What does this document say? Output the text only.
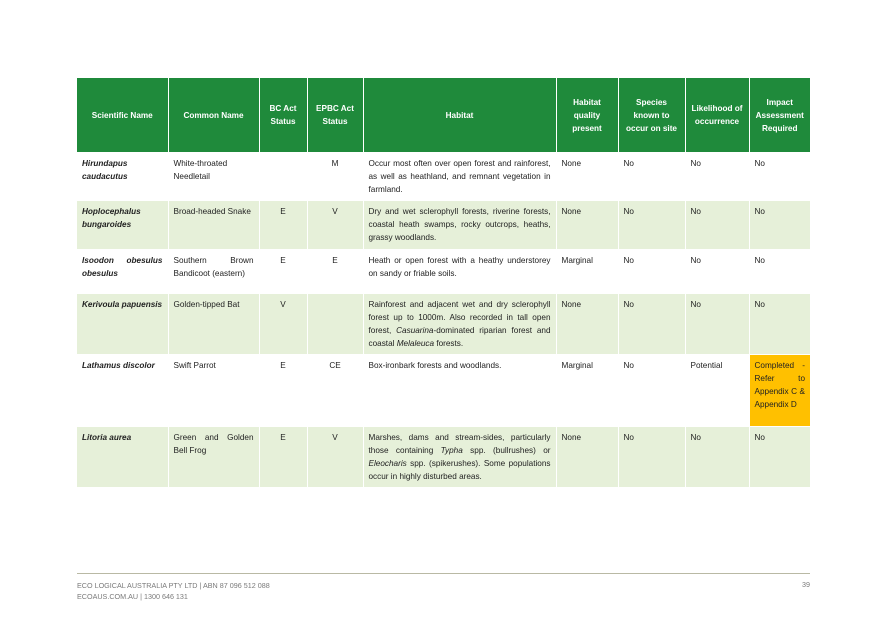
Scientific Name	Common Name	BC Act Status	EPBC Act Status	Habitat	Habitat quality present	Species known to occur on site	Likelihood of occurrence	Impact Assessment Required
Hirundapus caudacutus	White-throated Needletail		M	Occur most often over open forest and rainforest, as well as heathland, and remnant vegetation in farmland.	None	No	No	No
Hoplocephalus bungaroides	Broad-headed Snake	E	V	Dry and wet sclerophyll forests, riverine forests, coastal heath swamps, rocky outcrops, heaths, grassy woodlands.	None	No	No	No
Isoodon obesulus obesulus	Southern Brown Bandicoot (eastern)	E	E	Heath or open forest with a heathy understorey on sandy or friable soils.	Marginal	No	No	No
Kerivoula papuensis	Golden-tipped Bat	V		Rainforest and adjacent wet and dry sclerophyll forest up to 1000m. Also recorded in tall open forest, Casuarina-dominated riparian forest and coastal Melaleuca forests.	None	No	No	No
Lathamus discolor	Swift Parrot	E	CE	Box-ironbark forests and woodlands.	Marginal	No	Potential	Completed - Refer to Appendix C & Appendix D
Litoria aurea	Green and Golden Bell Frog	E	V	Marshes, dams and stream-sides, particularly those containing Typha spp. (bullrushes) or Eleocharis spp. (spikerushes). Some populations occur in highly disturbed areas.	None	No	No	No
ECO LOGICAL AUSTRALIA PTY LTD | ABN 87 096 512 088
ECOAUS.COM.AU | 1300 646 131
39
